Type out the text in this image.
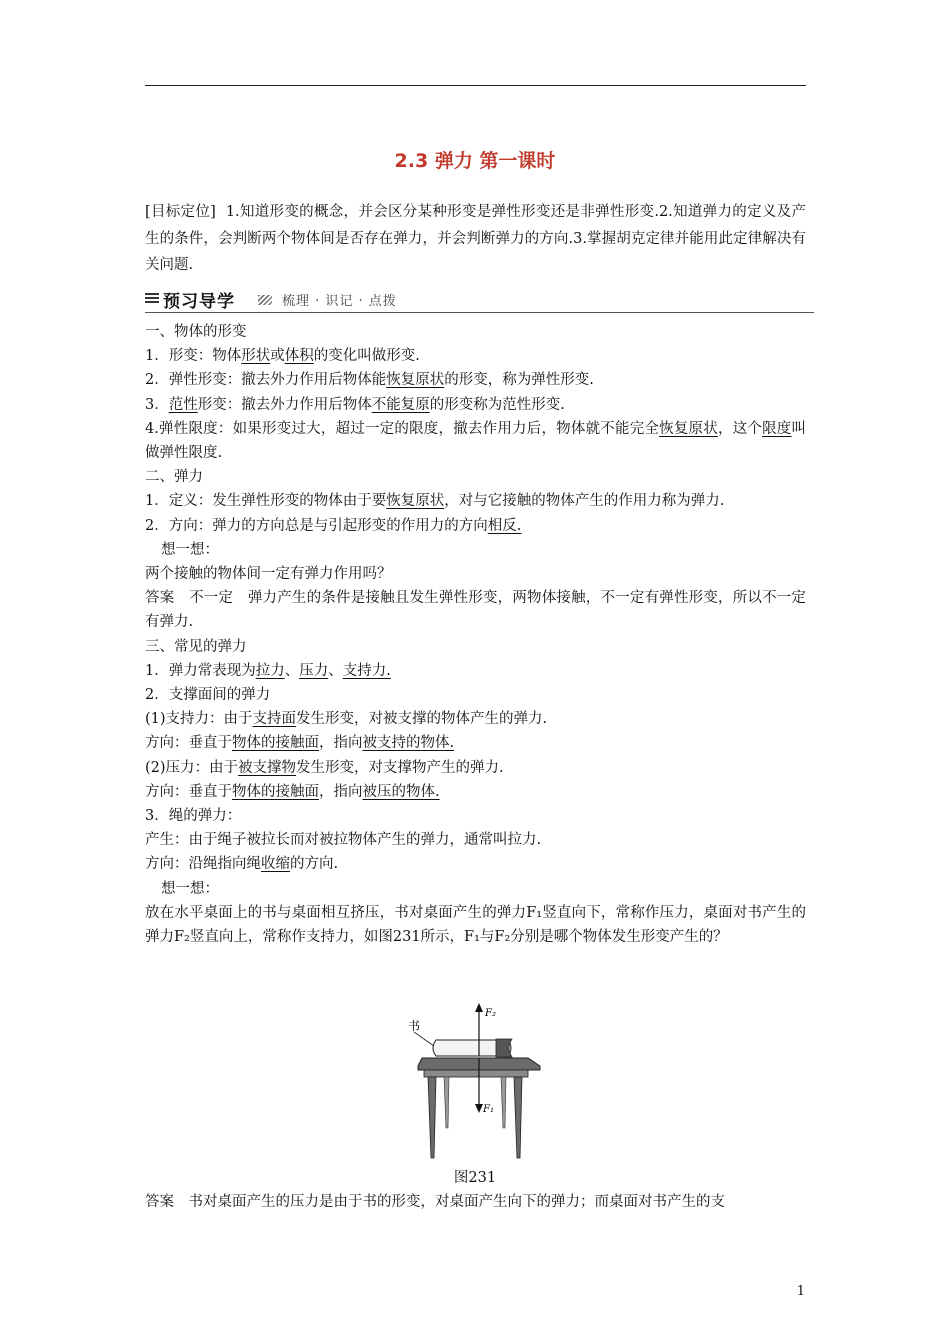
2.3 弹力 第一课时
[目标定位] 1.知道形变的概念，并会区分某种形变是弹性形变还是非弹性形变.2.知道弹力的定义及产生的条件，会判断两个物体间是否存在弹力，并会判断弹力的方向.3.掌握胡克定律并能用此定律解决有关问题.
预习导学	梳理 · 识记 · 点拨

一、物体的形变

1．形变：物体形状或体积的变化叫做形变.

2．弹性形变：撤去外力作用后物体能恢复原状的形变，称为弹性形变.

3．范性形变：撤去外力作用后物体不能复原的形变称为范性形变.

4.弹性限度：如果形变过大，超过一定的限度，撤去作用力后，物体就不能完全恢复原状，这个限度叫做弹性限度.

二、弹力

1．定义：发生弹性形变的物体由于要恢复原状，对与它接触的物体产生的作用力称为弹力.

2．方向：弹力的方向总是与引起形变的作用力的方向相反.　

想一想：

两个接触的物体间一定有弹力作用吗？

答案　不一定　弹力产生的条件是接触且发生弹性形变，两物体接触，不一定有弹性形变，所以不一定有弹力.

三、常见的弹力

1．弹力常表现为拉力、压力、支持力.　

2．支撑面间的弹力

(1)支持力：由于支持面发生形变，对被支撑的物体产生的弹力.

方向：垂直于物体的接触面，指向被支持的物体.　

(2)压力：由于被支撑物发生形变，对支撑物产生的弹力.

方向：垂直于物体的接触面，指向被压的物体.　

3．绳的弹力：

产生：由于绳子被拉长而对被拉物体产生的弹力，通常叫拉力.

方向：沿绳指向绳收缩的方向.

想一想：

放在水平桌面上的书与桌面相互挤压，书对桌面产生的弹力F₁竖直向下，常称作压力，桌面对书产生的弹力F₂竖直向上，常称作支持力，如图231所示，F₁与F₂分别是哪个物体发生形变产生的？

书
F₂
F₁
图231
答案　书对桌面产生的压力是由于书的形变，对桌面产生向下的弹力；而桌面对书产生的支
1
